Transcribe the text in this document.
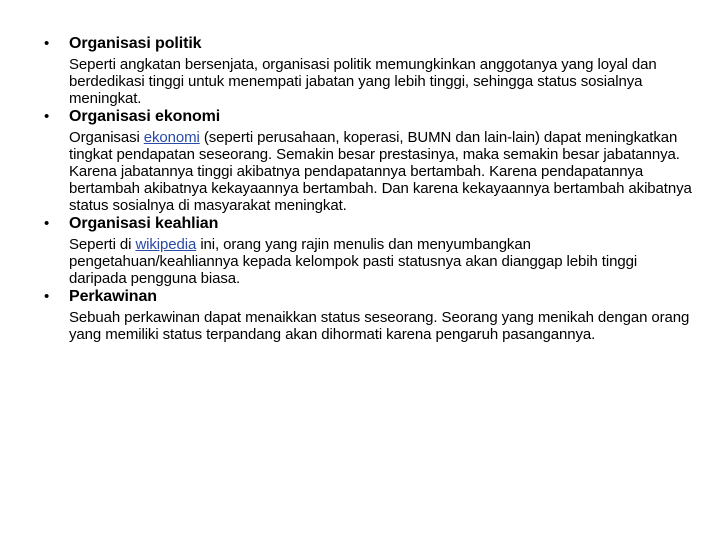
• Organisasi politik
Seperti angkatan bersenjata, organisasi politik memungkinkan anggotanya yang loyal dan berdedikasi tinggi untuk menempati jabatan yang lebih tinggi, sehingga status sosialnya meningkat.
• Organisasi ekonomi
Organisasi ekonomi (seperti perusahaan, koperasi, BUMN dan lain-lain) dapat meningkatkan tingkat pendapatan seseorang. Semakin besar prestasinya, maka semakin besar jabatannya. Karena jabatannya tinggi akibatnya pendapatannya bertambah. Karena pendapatannya bertambah akibatnya kekayaannya bertambah. Dan karena kekayaannya bertambah akibatnya status sosialnya di masyarakat meningkat.
• Organisasi keahlian
Seperti di wikipedia ini, orang yang rajin menulis dan menyumbangkan pengetahuan/keahliannya kepada kelompok pasti statusnya akan dianggap lebih tinggi daripada pengguna biasa.
• Perkawinan
Sebuah perkawinan dapat menaikkan status seseorang. Seorang yang menikah dengan orang yang memiliki status terpandang akan dihormati karena pengaruh pasangannya.
